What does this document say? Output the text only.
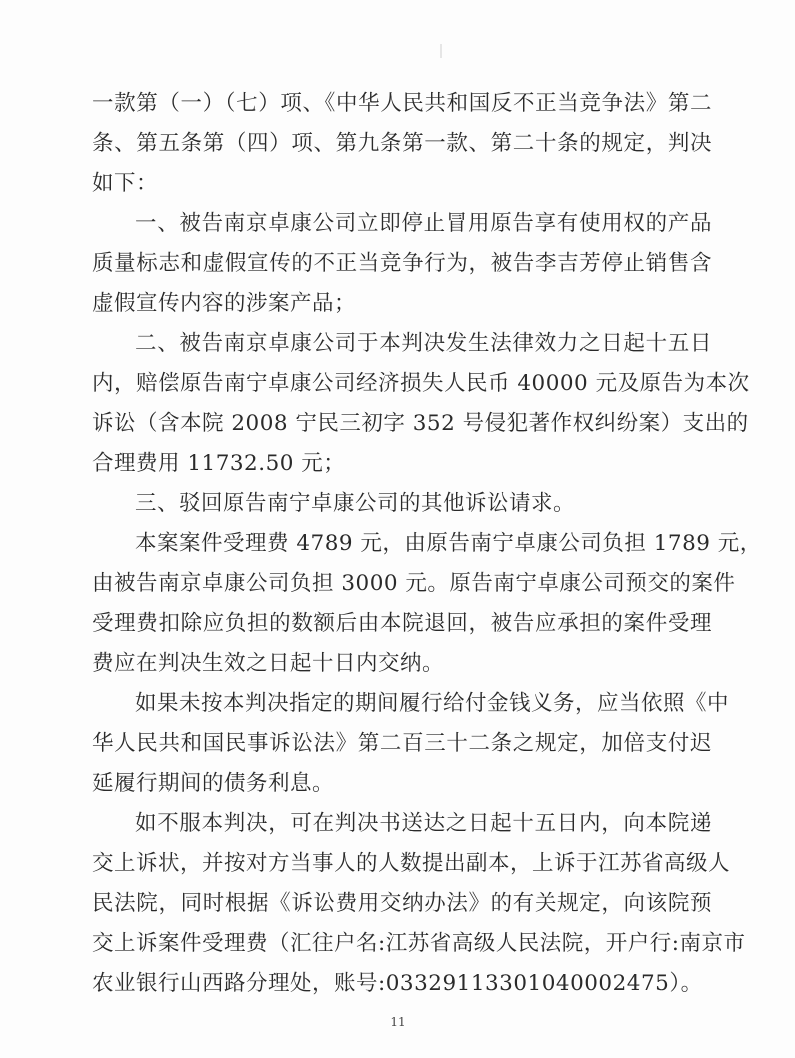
一款第（一）（七）项、《中华人民共和国反不正当竞争法》第二
条、第五条第（四）项、第九条第一款、第二十条的规定，判决
如下：
一、被告南京卓康公司立即停止冒用原告享有使用权的产品
质量标志和虚假宣传的不正当竞争行为，被告李吉芳停止销售含
虚假宣传内容的涉案产品；
二、被告南京卓康公司于本判决发生法律效力之日起十五日
内，赔偿原告南宁卓康公司经济损失人民币 40000 元及原告为本次
诉讼（含本院 2008 宁民三初字 352 号侵犯著作权纠纷案）支出的
合理费用 11732.50 元；
三、驳回原告南宁卓康公司的其他诉讼请求。
本案案件受理费 4789 元，由原告南宁卓康公司负担 1789 元，
由被告南京卓康公司负担 3000 元。原告南宁卓康公司预交的案件
受理费扣除应负担的数额后由本院退回，被告应承担的案件受理
费应在判决生效之日起十日内交纳。
如果未按本判决指定的期间履行给付金钱义务，应当依照《中
华人民共和国民事诉讼法》第二百三十二条之规定，加倍支付迟
延履行期间的债务利息。
如不服本判决，可在判决书送达之日起十五日内，向本院递
交上诉状，并按对方当事人的人数提出副本，上诉于江苏省高级人
民法院，同时根据《诉讼费用交纳办法》的有关规定，向该院预
交上诉案件受理费（汇往户名:江苏省高级人民法院，开户行:南京市
农业银行山西路分理处，账号:03329113301040002475）。
11
